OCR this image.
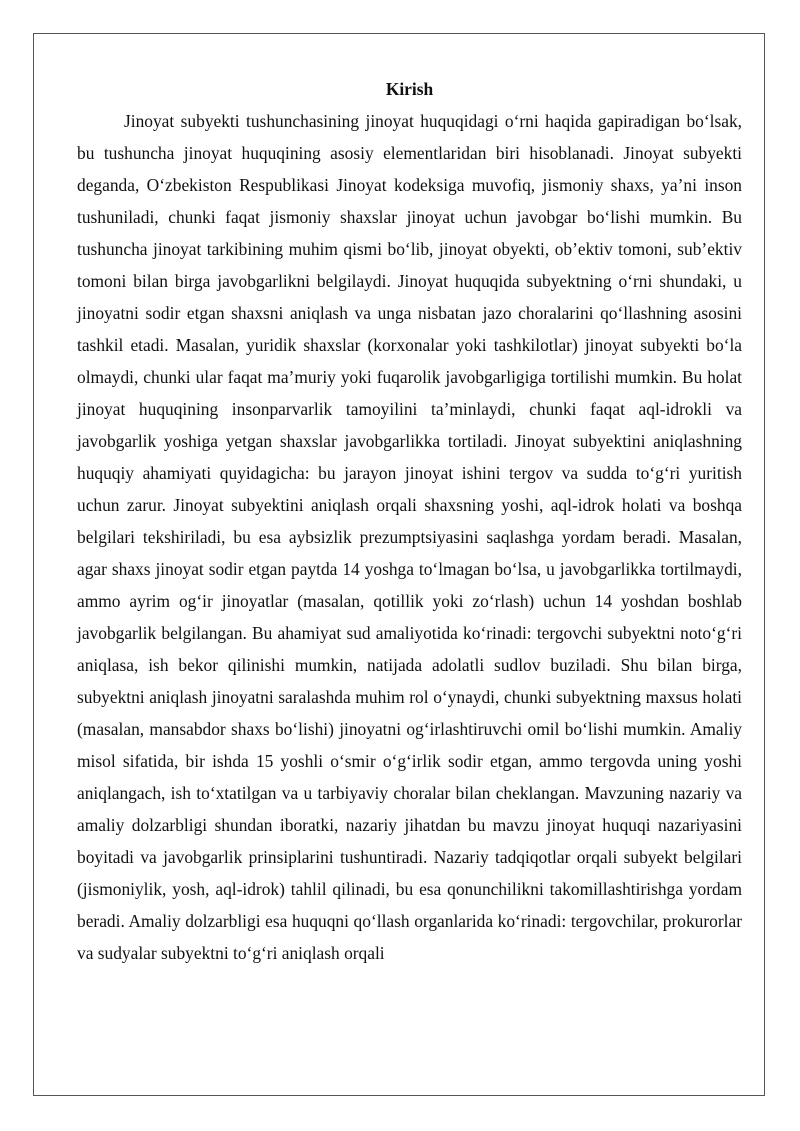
Kirish

Jinoyat subyekti tushunchasining jinoyat huquqidagi o‘rni haqida gapiradigan bo‘lsak, bu tushuncha jinoyat huquqining asosiy elementlaridan biri hisoblanadi. Jinoyat subyekti deganda, O‘zbekiston Respublikasi Jinoyat kodeksiga muvofiq, jismoniy shaxs, ya’ni inson tushuniladi, chunki faqat jismoniy shaxslar jinoyat uchun javobgar bo‘lishi mumkin. Bu tushuncha jinoyat tarkibining muhim qismi bo‘lib, jinoyat obyekti, ob’ektiv tomoni, sub’ektiv tomoni bilan birga javobgarlikni belgilaydi. Jinoyat huquqida subyektning o‘rni shundaki, u jinoyatni sodir etgan shaxsni aniqlash va unga nisbatan jazo choralarini qo‘llashning asosini tashkil etadi. Masalan, yuridik shaxslar (korxonalar yoki tashkilotlar) jinoyat subyekti bo‘la olmaydi, chunki ular faqat ma’muriy yoki fuqarolik javobgarligiga tortilishi mumkin. Bu holat jinoyat huquqining insonparvarlik tamoyilini ta’minlaydi, chunki faqat aql-idrokli va javobgarlik yoshiga yetgan shaxslar javobgarlikka tortiladi. Jinoyat subyektini aniqlashning huquqiy ahamiyati quyidagicha: bu jarayon jinoyat ishini tergov va sudda to‘g‘ri yuritish uchun zarur. Jinoyat subyektini aniqlash orqali shaxsning yoshi, aql-idrok holati va boshqa belgilari tekshiriladi, bu esa aybsizlik prezumptsiyasini saqlashga yordam beradi. Masalan, agar shaxs jinoyat sodir etgan paytda 14 yoshga to‘lmagan bo‘lsa, u javobgarlikka tortilmaydi, ammo ayrim og‘ir jinoyatlar (masalan, qotillik yoki zo‘rlash) uchun 14 yoshdan boshlab javobgarlik belgilangan. Bu ahamiyat sud amaliyotida ko‘rinadi: tergovchi subyektni noto‘g‘ri aniqlasa, ish bekor qilinishi mumkin, natijada adolatli sudlov buziladi. Shu bilan birga, subyektni aniqlash jinoyatni saralashda muhim rol o‘ynaydi, chunki subyektning maxsus holati (masalan, mansabdor shaxs bo‘lishi) jinoyatni og‘irlashtiruvchi omil bo‘lishi mumkin. Amaliy misol sifatida, bir ishda 15 yoshli o‘smir o‘g‘irlik sodir etgan, ammo tergovda uning yoshi aniqlangach, ish to‘xtatilgan va u tarbiyaviy choralar bilan cheklangan. Mavzuning nazariy va amaliy dolzarbligi shundan iboratki, nazariy jihatdan bu mavzu jinoyat huquqi nazariyasini boyitadi va javobgarlik prinsiplarini tushuntiradi. Nazariy tadqiqotlar orqali subyekt belgilari (jismoniylik, yosh, aql-idrok) tahlil qilinadi, bu esa qonunchilikni takomillashtirishga yordam beradi. Amaliy dolzarbligi esa huquqni qo‘llash organlarida ko‘rinadi: tergovchilar, prokurorlar va sudyalar subyektni to‘g‘ri aniqlash orqali
